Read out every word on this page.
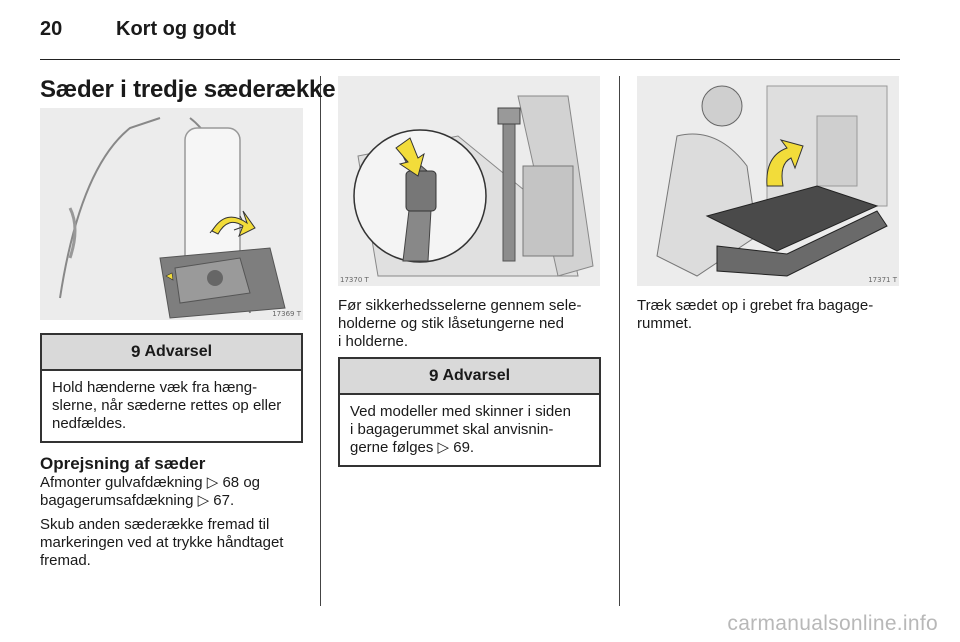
20	Kort og godt
Sæder i tredje sæderække
17369 T
17370 T	17371 T
9 Advarsel
Hold hænderne væk fra hæng-
slerne, når sæderne rettes op eller
nedfældes.
Oprejsning af sæder
Afmonter gulvafdækning ▷ 68 og
bagagerumsafdækning ▷ 67.
Skub anden sæderække fremad til
markeringen ved at trykke håndtaget
fremad.
Før sikkerhedsselerne gennem sele-
holderne og stik låsetungerne ned
i holderne.
9 Advarsel
Ved modeller med skinner i siden
i bagagerummet skal anvisnin-
gerne følges ▷ 69.
Træk sædet op i grebet fra bagage-
rummet.
carmanualsonline.info
